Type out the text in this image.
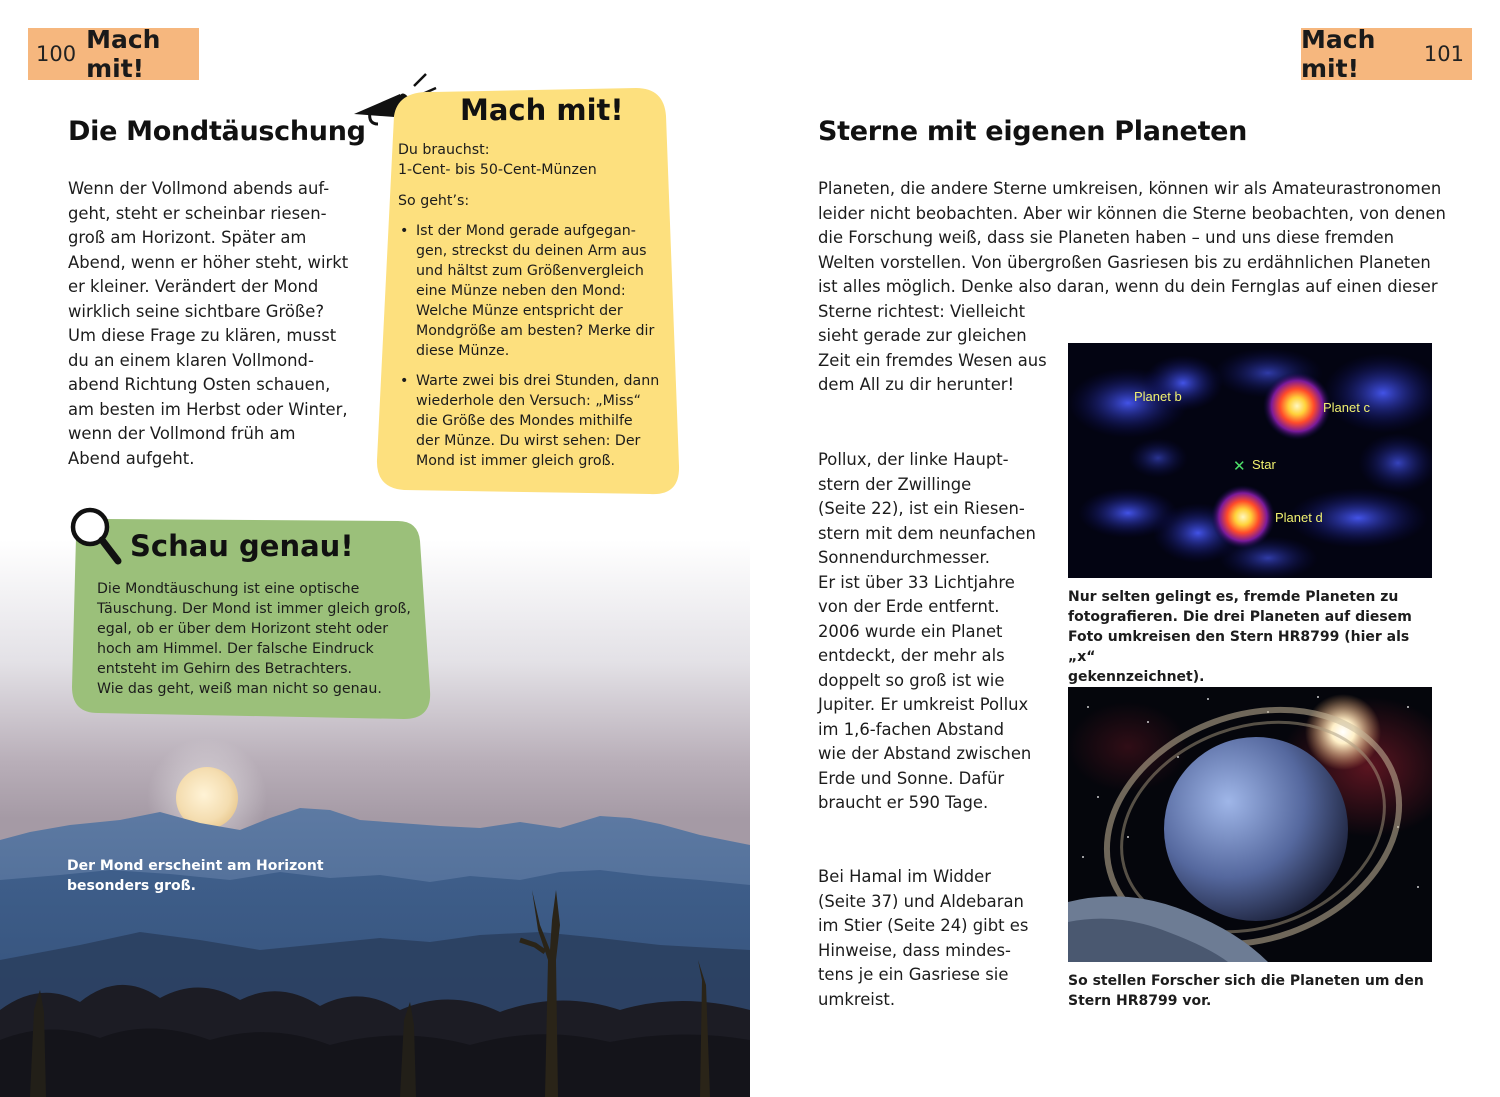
100 Mach mit!
Die Mondtäuschung

Wenn der Vollmond abends auf-
geht, steht er scheinbar riesen-
groß am Horizont. Später am
Abend, wenn er höher steht, wirkt
er kleiner. Verändert der Mond
wirklich seine sichtbare Größe?
Um diese Frage zu klären, musst
du an einem klaren Vollmond-
abend Richtung Osten schauen,
am besten im Herbst oder Winter,
wenn der Vollmond früh am
Abend aufgeht.

Mach mit!

Du brauchst:
1-Cent- bis 50-Cent-Münzen

So geht’s:

• Ist der Mond gerade aufgegan-
gen, streckst du deinen Arm aus
und hältst zum Größenvergleich
eine Münze neben den Mond:
Welche Münze entspricht der
Mondgröße am besten? Merke dir
diese Münze.
• Warte zwei bis drei Stunden, dann
wiederhole den Versuch: „Miss“
die Größe des Mondes mithilfe
der Münze. Du wirst sehen: Der
Mond ist immer gleich groß.
Schau genau!

Die Mondtäuschung ist eine optische
Täuschung. Der Mond ist immer gleich groß,
egal, ob er über dem Horizont steht oder
hoch am Himmel. Der falsche Eindruck
entsteht im Gehirn des Betrachters.
Wie das geht, weiß man nicht so genau.

Der Mond erscheint am Horizont
besonders groß.

Mach mit!	101
Sterne mit eigenen Planeten

Planeten, die andere Sterne umkreisen, können wir als Amateurastronomen
leider nicht beobachten. Aber wir können die Sterne beobachten, von denen
die Forschung weiß, dass sie Planeten haben – und uns diese fremden
Welten vorstellen. Von übergroßen Gasriesen bis zu erdähnlichen Planeten
ist alles möglich. Denke also daran, wenn du dein Fernglas auf einen dieser
Sterne richtest: Vielleicht
sieht gerade zur gleichen
Zeit ein fremdes Wesen aus
dem All zu dir herunter!

Pollux, der linke Haupt-
stern der Zwillinge
(Seite 22), ist ein Riesen-
stern mit dem neunfachen
Sonnendurchmesser.
Er ist über 33 Lichtjahre
von der Erde entfernt.
2006 wurde ein Planet
entdeckt, der mehr als
doppelt so groß ist wie
Jupiter. Er umkreist Pollux
im 1,6-fachen Abstand
wie der Abstand zwischen
Erde und Sonne. Dafür
braucht er 590 Tage.

Bei Hamal im Widder
(Seite 37) und Aldebaran
im Stier (Seite 24) gibt es
Hinweise, dass mindes-
tens je ein Gasriese sie
umkreist.

Planet b
Planet c
✕ Star
Planet d

Nur selten gelingt es, fremde Planeten zu
fotografieren. Die drei Planeten auf diesem
Foto umkreisen den Stern HR8799 (hier als „x“
gekennzeichnet).

So stellen Forscher sich die Planeten um den
Stern HR8799 vor.
